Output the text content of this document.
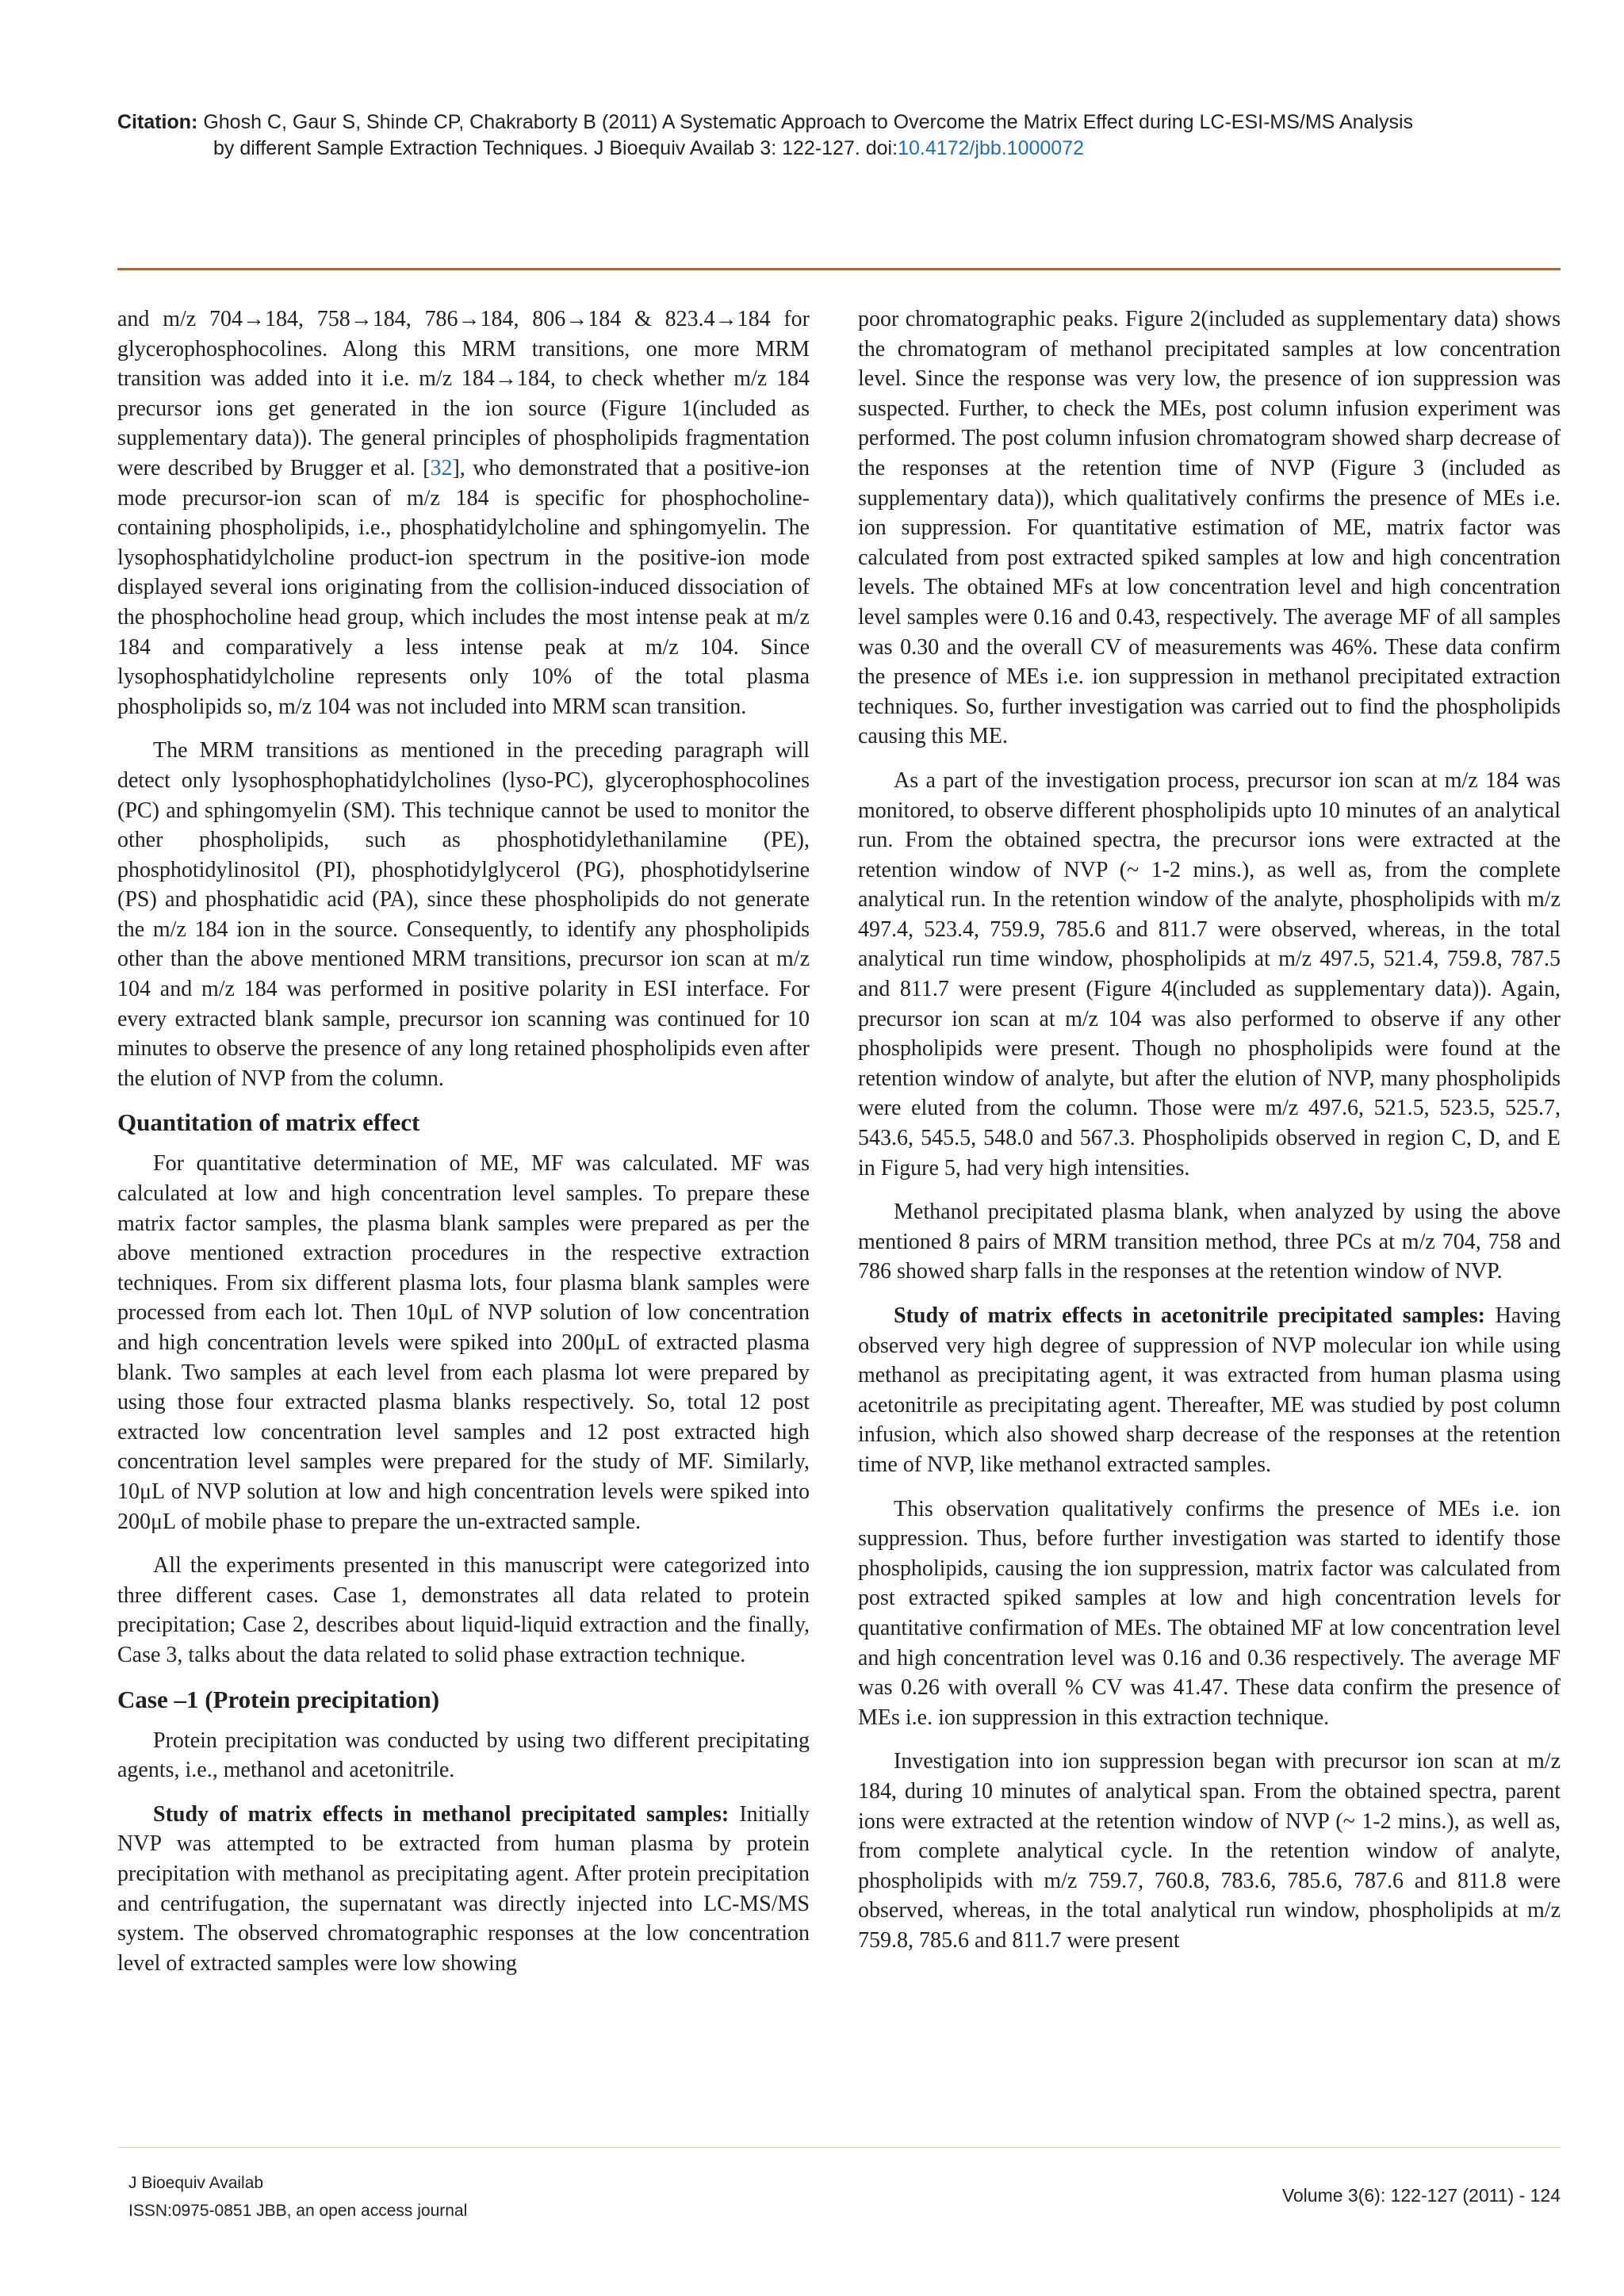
Citation: Ghosh C, Gaur S, Shinde CP, Chakraborty B (2011) A Systematic Approach to Overcome the Matrix Effect during LC-ESI-MS/MS Analysis
by different Sample Extraction Techniques. J Bioequiv Availab 3: 122-127. doi:10.4172/jbb.1000072

and m/z 704→184, 758→184, 786→184, 806→184 & 823.4→184 for glycerophosphocolines. Along this MRM transitions, one more MRM transition was added into it i.e. m/z 184→184, to check whether m/z 184 precursor ions get generated in the ion source (Figure 1(included as supplementary data)). The general principles of phospholipids fragmentation were described by Brugger et al. [32], who demonstrated that a positive-ion mode precursor-ion scan of m/z 184 is specific for phosphocholine-containing phospholipids, i.e., phosphatidylcholine and sphingomyelin. The lysophosphatidylcholine product-ion spectrum in the positive-ion mode displayed several ions originating from the collision-induced dissociation of the phosphocholine head group, which includes the most intense peak at m/z 184 and comparatively a less intense peak at m/z 104. Since lysophosphatidylcholine represents only 10% of the total plasma phospholipids so, m/z 104 was not included into MRM scan transition.

The MRM transitions as mentioned in the preceding paragraph will detect only lysophosphophatidylcholines (lyso-PC), glycerophosphocolines (PC) and sphingomyelin (SM). This technique cannot be used to monitor the other phospholipids, such as phosphotidylethanilamine (PE), phosphotidylinositol (PI), phosphotidylglycerol (PG), phosphotidylserine (PS) and phosphatidic acid (PA), since these phospholipids do not generate the m/z 184 ion in the source. Consequently, to identify any phospholipids other than the above mentioned MRM transitions, precursor ion scan at m/z 104 and m/z 184 was performed in positive polarity in ESI interface. For every extracted blank sample, precursor ion scanning was continued for 10 minutes to observe the presence of any long retained phospholipids even after the elution of NVP from the column.

Quantitation of matrix effect

For quantitative determination of ME, MF was calculated. MF was calculated at low and high concentration level samples. To prepare these matrix factor samples, the plasma blank samples were prepared as per the above mentioned extraction procedures in the respective extraction techniques. From six different plasma lots, four plasma blank samples were processed from each lot. Then 10μL of NVP solution of low concentration and high concentration levels were spiked into 200μL of extracted plasma blank. Two samples at each level from each plasma lot were prepared by using those four extracted plasma blanks respectively. So, total 12 post extracted low concentration level samples and 12 post extracted high concentration level samples were prepared for the study of MF. Similarly, 10μL of NVP solution at low and high concentration levels were spiked into 200μL of mobile phase to prepare the un-extracted sample.

All the experiments presented in this manuscript were categorized into three different cases. Case 1, demonstrates all data related to protein precipitation; Case 2, describes about liquid-liquid extraction and the finally, Case 3, talks about the data related to solid phase extraction technique.

Case –1 (Protein precipitation)

Protein precipitation was conducted by using two different precipitating agents, i.e., methanol and acetonitrile.

Study of matrix effects in methanol precipitated samples: Initially NVP was attempted to be extracted from human plasma by protein precipitation with methanol as precipitating agent. After protein precipitation and centrifugation, the supernatant was directly injected into LC-MS/MS system. The observed chromatographic responses at the low concentration level of extracted samples were low showing

poor chromatographic peaks. Figure 2(included as supplementary data) shows the chromatogram of methanol precipitated samples at low concentration level. Since the response was very low, the presence of ion suppression was suspected. Further, to check the MEs, post column infusion experiment was performed. The post column infusion chromatogram showed sharp decrease of the responses at the retention time of NVP (Figure 3 (included as supplementary data)), which qualitatively confirms the presence of MEs i.e. ion suppression. For quantitative estimation of ME, matrix factor was calculated from post extracted spiked samples at low and high concentration levels. The obtained MFs at low concentration level and high concentration level samples were 0.16 and 0.43, respectively. The average MF of all samples was 0.30 and the overall CV of measurements was 46%. These data confirm the presence of MEs i.e. ion suppression in methanol precipitated extraction techniques. So, further investigation was carried out to find the phospholipids causing this ME.

As a part of the investigation process, precursor ion scan at m/z 184 was monitored, to observe different phospholipids upto 10 minutes of an analytical run. From the obtained spectra, the precursor ions were extracted at the retention window of NVP (~ 1-2 mins.), as well as, from the complete analytical run. In the retention window of the analyte, phospholipids with m/z 497.4, 523.4, 759.9, 785.6 and 811.7 were observed, whereas, in the total analytical run time window, phospholipids at m/z 497.5, 521.4, 759.8, 787.5 and 811.7 were present (Figure 4(included as supplementary data)). Again, precursor ion scan at m/z 104 was also performed to observe if any other phospholipids were present. Though no phospholipids were found at the retention window of analyte, but after the elution of NVP, many phospholipids were eluted from the column. Those were m/z 497.6, 521.5, 523.5, 525.7, 543.6, 545.5, 548.0 and 567.3. Phospholipids observed in region C, D, and E in Figure 5, had very high intensities.

Methanol precipitated plasma blank, when analyzed by using the above mentioned 8 pairs of MRM transition method, three PCs at m/z 704, 758 and 786 showed sharp falls in the responses at the retention window of NVP.

Study of matrix effects in acetonitrile precipitated samples: Having observed very high degree of suppression of NVP molecular ion while using methanol as precipitating agent, it was extracted from human plasma using acetonitrile as precipitating agent. Thereafter, ME was studied by post column infusion, which also showed sharp decrease of the responses at the retention time of NVP, like methanol extracted samples.

This observation qualitatively confirms the presence of MEs i.e. ion suppression. Thus, before further investigation was started to identify those phospholipids, causing the ion suppression, matrix factor was calculated from post extracted spiked samples at low and high concentration levels for quantitative confirmation of MEs. The obtained MF at low concentration level and high concentration level was 0.16 and 0.36 respectively. The average MF was 0.26 with overall % CV was 41.47. These data confirm the presence of MEs i.e. ion suppression in this extraction technique.

Investigation into ion suppression began with precursor ion scan at m/z 184, during 10 minutes of analytical span. From the obtained spectra, parent ions were extracted at the retention window of NVP (~ 1-2 mins.), as well as, from complete analytical cycle. In the retention window of analyte, phospholipids with m/z 759.7, 760.8, 783.6, 785.6, 787.6 and 811.8 were observed, whereas, in the total analytical run window, phospholipids at m/z 759.8, 785.6 and 811.7 were present

J Bioequiv Availab
ISSN:0975-0851 JBB, an open access journal
Volume 3(6): 122-127 (2011) - 124
